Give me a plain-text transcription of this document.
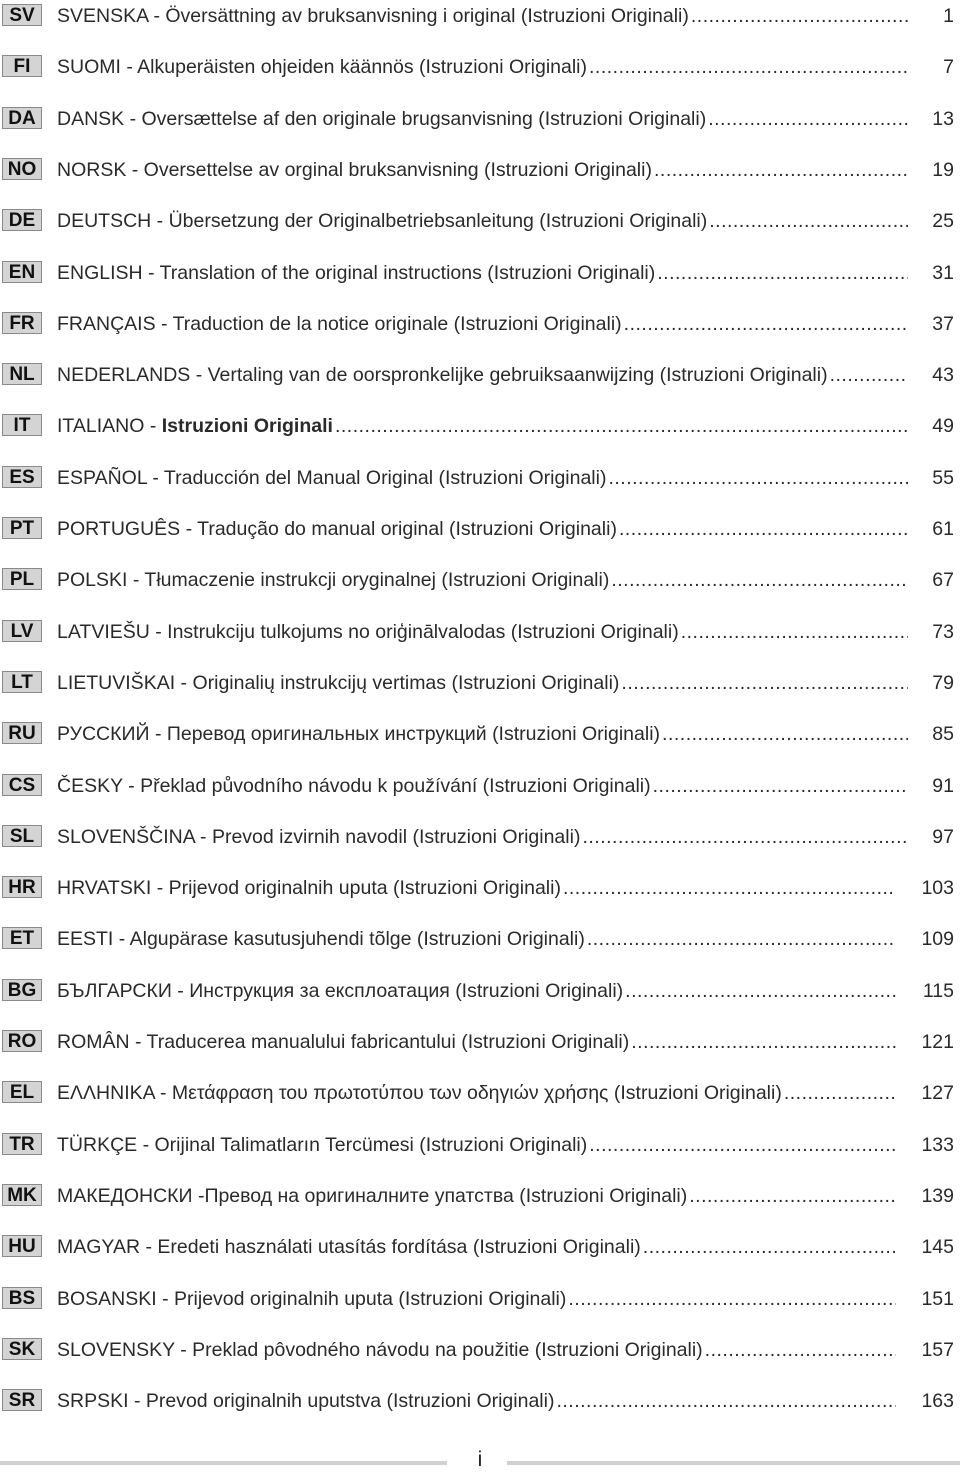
SV	SVENSKA - Översättning av bruksanvisning i original (Istruzioni Originali) .....	1
FI	SUOMI - Alkuperäisten ohjeiden käännös (Istruzioni Originali) .....	7
DA	DANSK - Oversættelse af den originale brugsanvisning (Istruzioni Originali) .....	13
NO NORSK - Oversettelse av orginal bruksanvisning (Istruzioni Originali) .....	19
DE	DEUTSCH - Übersetzung der Originalbetriebsanleitung (Istruzioni Originali) .....	25
EN	ENGLISH - Translation of the original instructions (Istruzioni Originali) .....	31
FR	FRANÇAIS - Traduction de la notice originale (Istruzioni Originali) .....	37
NL	NEDERLANDS - Vertaling van de oorspronkelijke gebruiksaanwijzing (Istruzioni Originali) .....	43
IT	ITALIANO - Istruzioni Originali .....	49
ES	ESPAÑOL - Traducción del Manual Original (Istruzioni Originali) .....	55
PT	PORTUGUÊS - Tradução do manual original (Istruzioni Originali) .....	61
PL	POLSKI - Tłumaczenie instrukcji oryginalnej (Istruzioni Originali) .....	67
LV	LATVIEŠU - Instrukciju tulkojums no oriģinālvalodas (Istruzioni Originali) .....	73
LT	LIETUVIŠKAI - Originalių instrukcijų vertimas (Istruzioni Originali) .....	79
RU	РУССКИЙ - Перевод оригинальных инструкций (Istruzioni Originali) .....	85
CS	ČESKY - Překlad původního návodu k používání (Istruzioni Originali) .....	91
SL	SLOVENŠČINA - Prevod izvirnih navodil (Istruzioni Originali) .....	97
HR	HRVATSKI - Prijevod originalnih uputa (Istruzioni Originali) .....	103
ET	EESTI - Algupärase kasutusjuhendi tõlge (Istruzioni Originali) .....	109
BG БЪЛГАРСКИ - Инструкция за експлоатация (Istruzioni Originali) .....	115
RO ROMÂN - Traducerea manualului fabricantului (Istruzioni Originali) .....	121
EL	ΕΛΛΗΝΙΚΑ - Μετάφραση του πρωτοτύπου των οδηγιών χρήσης (Istruzioni Originali) .....	127
TR	TÜRKÇE - Orijinal Talimatların Tercümesi (Istruzioni Originali) .....	133
MK МАКЕДОНСКИ -Превод на оригиналните упатства (Istruzioni Originali) .....	139
HU	MAGYAR - Eredeti használati utasítás fordítása (Istruzioni Originali) .....	145
BS	BOSANSKI - Prijevod originalnih uputa (Istruzioni Originali) .....	151
SK	SLOVENSKY - Preklad pôvodného návodu na použitie (Istruzioni Originali) .....	157
SR	SRPSKI - Prevod originalnih uputstva (Istruzioni Originali) .....	163
i
